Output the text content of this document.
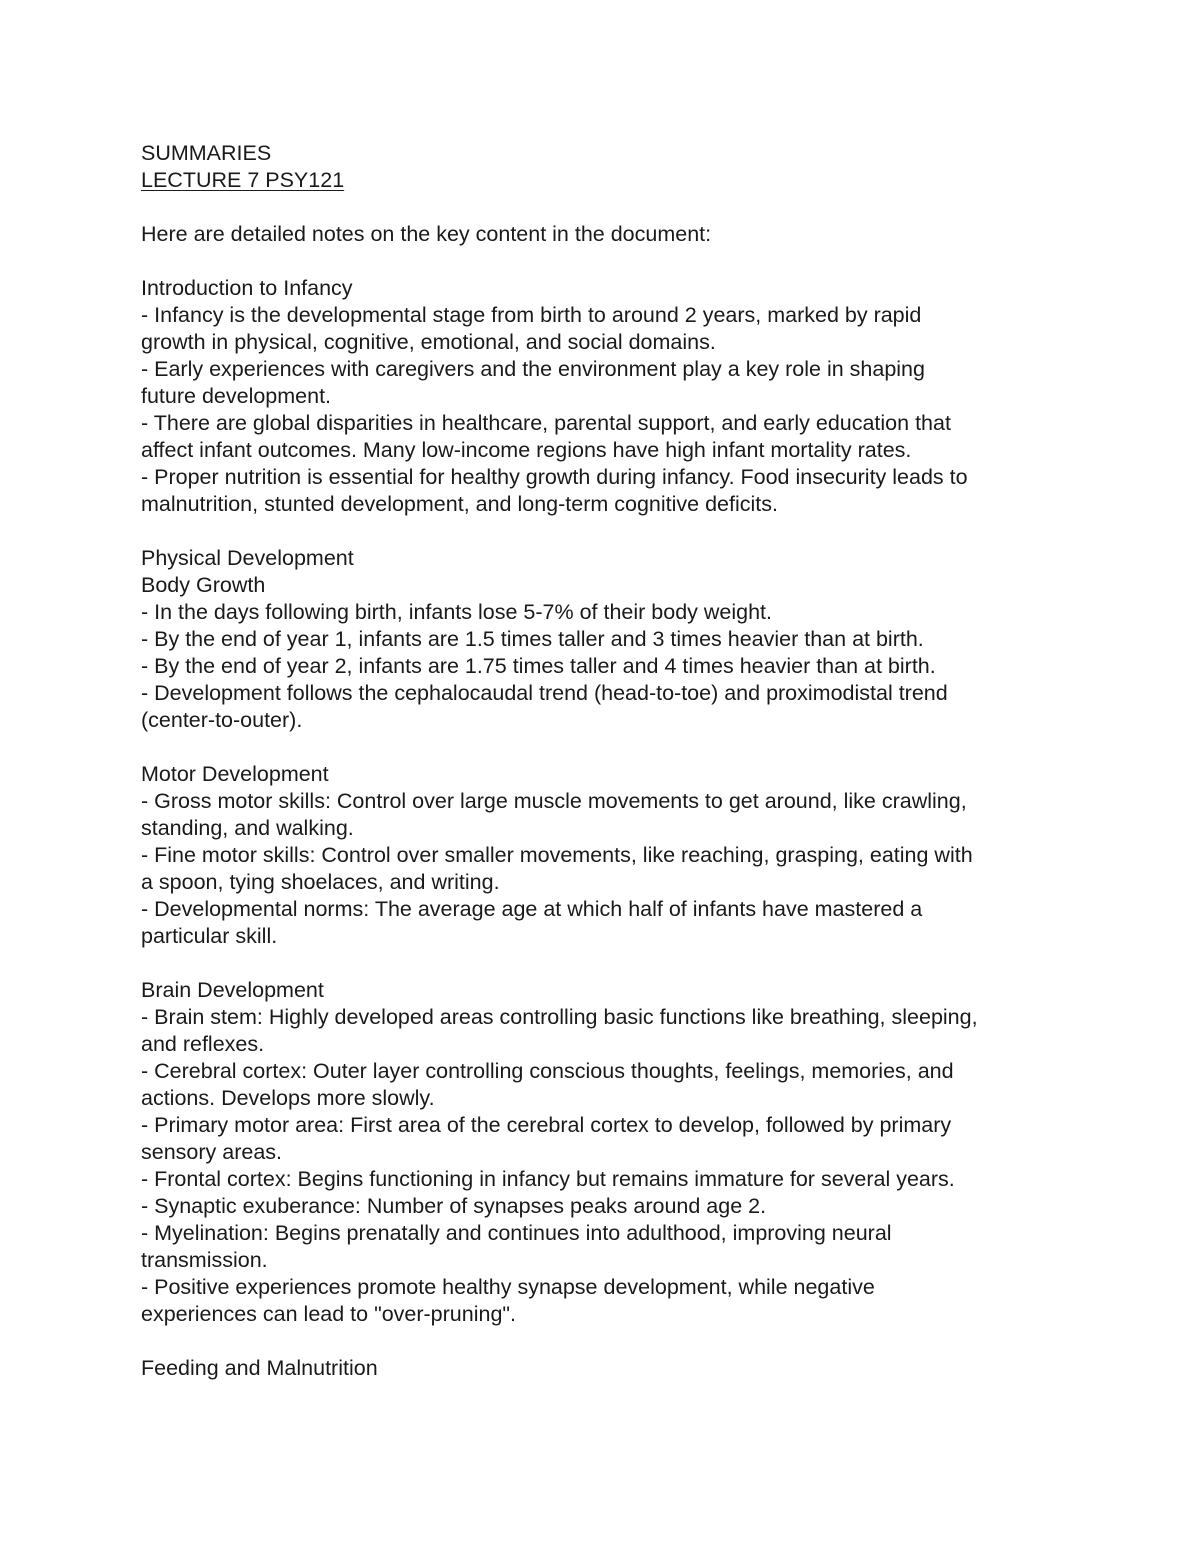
SUMMARIES

LECTURE 7 PSY121

Here are detailed notes on the key content in the document:

Introduction to Infancy

- Infancy is the developmental stage from birth to around 2 years, marked by rapid

growth in physical, cognitive, emotional, and social domains.

- Early experiences with caregivers and the environment play a key role in shaping

future development.

- There are global disparities in healthcare, parental support, and early education that

affect infant outcomes. Many low-income regions have high infant mortality rates.

- Proper nutrition is essential for healthy growth during infancy. Food insecurity leads to

malnutrition, stunted development, and long-term cognitive deficits.

Physical Development

Body Growth

- In the days following birth, infants lose 5-7% of their body weight.

- By the end of year 1, infants are 1.5 times taller and 3 times heavier than at birth.

- By the end of year 2, infants are 1.75 times taller and 4 times heavier than at birth.

- Development follows the cephalocaudal trend (head-to-toe) and proximodistal trend

(center-to-outer).

Motor Development

- Gross motor skills: Control over large muscle movements to get around, like crawling,

standing, and walking.

- Fine motor skills: Control over smaller movements, like reaching, grasping, eating with

a spoon, tying shoelaces, and writing.

- Developmental norms: The average age at which half of infants have mastered a

particular skill.

Brain Development

- Brain stem: Highly developed areas controlling basic functions like breathing, sleeping,

and reflexes.

- Cerebral cortex: Outer layer controlling conscious thoughts, feelings, memories, and

actions. Develops more slowly.

- Primary motor area: First area of the cerebral cortex to develop, followed by primary

sensory areas.

- Frontal cortex: Begins functioning in infancy but remains immature for several years.

- Synaptic exuberance: Number of synapses peaks around age 2.

- Myelination: Begins prenatally and continues into adulthood, improving neural

transmission.

- Positive experiences promote healthy synapse development, while negative

experiences can lead to "over-pruning".

Feeding and Malnutrition
